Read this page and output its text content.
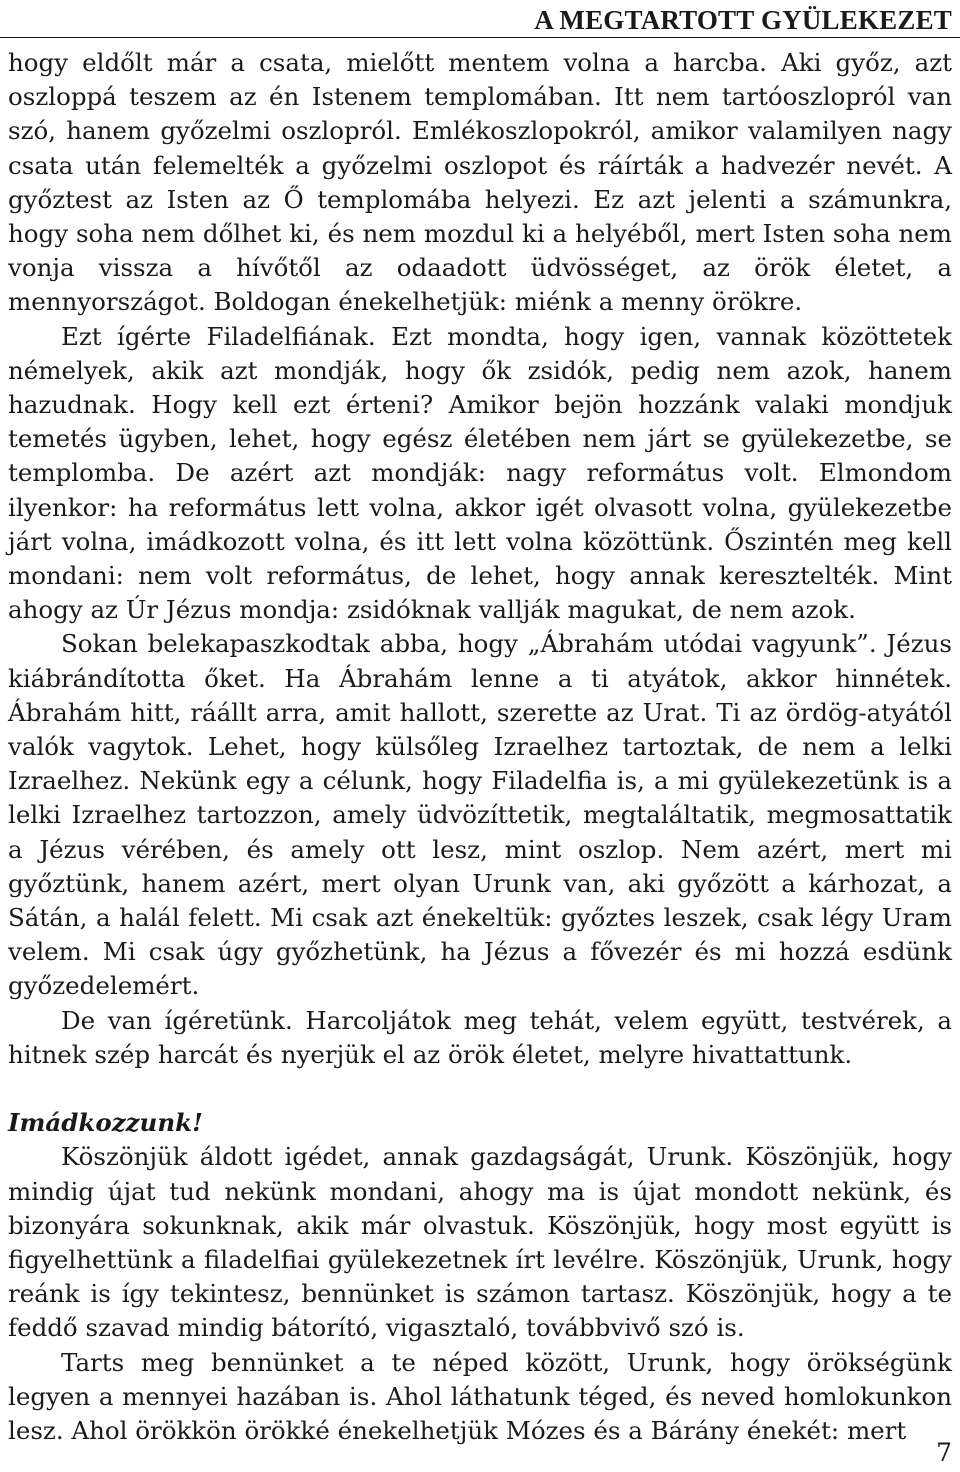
A MEGTARTOTT GYÜLEKEZET

hogy eldőlt már a csata, mielőtt mentem volna a harcba. Aki győz, azt oszloppá teszem az én Istenem templomában. Itt nem tartóoszlopról van szó, hanem győzelmi oszlopról. Emlékoszlopokról, amikor valamilyen nagy csata után felemelték a győzelmi oszlopot és ráírták a hadvezér nevét. A győztest az Isten az Ő templomába helyezi. Ez azt jelenti a számunkra, hogy soha nem dőlhet ki, és nem mozdul ki a helyéből, mert Isten soha nem vonja vissza a hívőtől az odaadott üdvösséget, az örök életet, a mennyországot. Boldogan énekelhetjük: miénk a menny örökre.

Ezt ígérte Filadelfiának. Ezt mondta, hogy igen, vannak közöttetek némelyek, akik azt mondják, hogy ők zsidók, pedig nem azok, hanem hazudnak. Hogy kell ezt érteni? Amikor bejön hozzánk valaki mondjuk temetés ügyben, lehet, hogy egész életében nem járt se gyülekezetbe, se templomba. De azért azt mondják: nagy református volt. Elmondom ilyenkor: ha református lett volna, akkor igét olvasott volna, gyülekezetbe járt volna, imádkozott volna, és itt lett volna közöttünk. Őszintén meg kell mondani: nem volt református, de lehet, hogy annak keresztelték. Mint ahogy az Úr Jézus mondja: zsidóknak vallják magukat, de nem azok.

Sokan belekapaszkodtak abba, hogy „Ábrahám utódai vagyunk”. Jézus kiábrándította őket. Ha Ábrahám lenne a ti atyátok, akkor hinnétek. Ábrahám hitt, ráállt arra, amit hallott, szerette az Urat. Ti az ördög-atyától valók vagytok. Lehet, hogy külsőleg Izraelhez tartoztak, de nem a lelki Izraelhez. Nekünk egy a célunk, hogy Filadelfia is, a mi gyülekezetünk is a lelki Izraelhez tartozzon, amely üdvözíttetik, megtaláltatik, megmosattatik a Jézus vérében, és amely ott lesz, mint oszlop. Nem azért, mert mi győztünk, hanem azért, mert olyan Urunk van, aki győzött a kárhozat, a Sátán, a halál felett. Mi csak azt énekeltük: győztes leszek, csak légy Uram velem. Mi csak úgy győzhetünk, ha Jézus a fővezér és mi hozzá esdünk győzedelemért.

De van ígéretünk. Harcoljátok meg tehát, velem együtt, testvérek, a hitnek szép harcát és nyerjük el az örök életet, melyre hivattattunk.

Imádkozzunk!

Köszönjük áldott igédet, annak gazdagságát, Urunk. Köszönjük, hogy mindig újat tud nekünk mondani, ahogy ma is újat mondott nekünk, és bizonyára sokunknak, akik már olvastuk. Köszönjük, hogy most együtt is figyelhettünk a filadelfiai gyülekezetnek írt levélre. Köszönjük, Urunk, hogy reánk is így tekintesz, bennünket is számon tartasz. Köszönjük, hogy a te feddő szavad mindig bátorító, vigasztaló, továbbvivő szó is.

Tarts meg bennünket a te néped között, Urunk, hogy örökségünk legyen a mennyei hazában is. Ahol láthatunk téged, és neved homlokunkon lesz. Ahol örökkön örökké énekelhetjük Mózes és a Bárány énekét: mert

7
